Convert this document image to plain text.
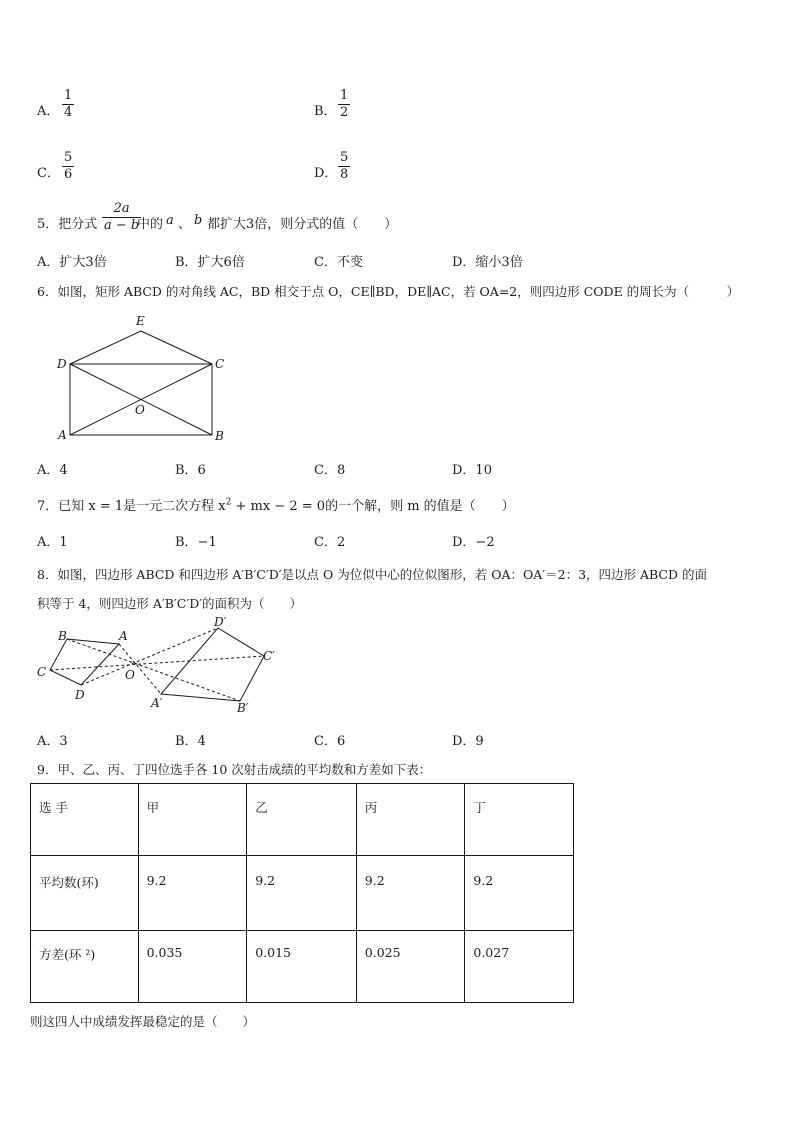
A． $\frac{1}{4}$	B． $\frac{1}{2}$
C． $\frac{5}{6}$	D． $\frac{5}{8}$
5．把分式 $\frac{2a}{a - b}$
中的 a 、 b 都扩大3倍，则分式的值（　　）
A．扩大3倍	B．扩大6倍	C．不变	D．缩小3倍
6．如图，矩形 ABCD 的对角线 AC，BD 相交于点 O，CE∥BD，DE∥AC，若 OA=2，则四边形 CODE 的周长为（　　　）
E
D	C
O
A	B
A．4	B．6	C．8	D．10
7．已知 x = 1是一元二次方程 $x^2$ + mx − 2 = 0的一个解，则 m 的值是（　　）
A．1	B．−1	C．2	D．−2
8．如图，四边形 ABCD 和四边形 A′B′C′D′是以点 O 为位似中心的位似图形，若 OA：OA′＝2：3，四边形 ABCD 的面
积等于 4，则四边形 A′B′C′D′的面积为（　　）
B	A
C
D
O
D′
C′
A′	B′
A．3	B．4	C．6	D．9
9．甲、乙、丙、丁四位选手各 10 次射击成绩的平均数和方差如下表：
选 手	甲	乙	丙	丁
平均数(环)	9.2	9.2	9.2	9.2
方差(环 ²)	0.035	0.015	0.025	0.027
则这四人中成绩发挥最稳定的是（　　）
